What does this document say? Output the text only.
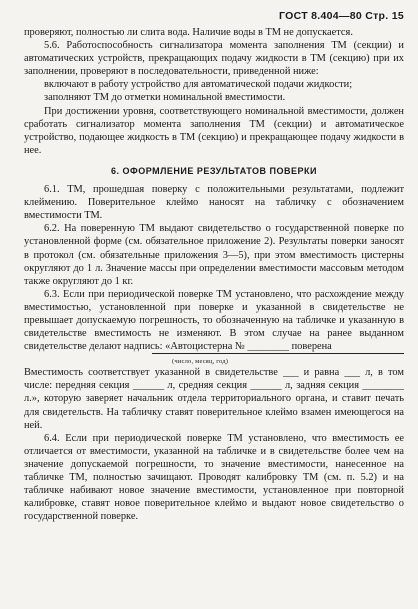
ГОСТ 8.404—80 Стр. 15

проверяют, полностью ли слита вода. Наличие воды в ТМ не допускается.

5.6. Работоспособность сигнализатора момента заполнения ТМ (секции) и автоматических устройств, прекращающих подачу жидкости в ТМ (секцию) при их заполнении, проверяют в последовательности, приведенной ниже:

включают в работу устройство для автоматической подачи жидкости;

заполняют ТМ до отметки номинальной вместимости.

При достижении уровня, соответствующего номинальной вместимости, должен сработать сигнализатор момента заполнения ТМ (секции) и автоматическое устройство, подающее жидкость в ТМ (секцию) и прекращающее подачу жидкости в нее.

6. ОФОРМЛЕНИЕ РЕЗУЛЬТАТОВ ПОВЕРКИ

6.1. ТМ, прошедшая поверку с положительными результатами, подлежит клеймению. Поверительное клеймо наносят на табличку с обозначением вместимости ТМ.

6.2. На поверенную ТМ выдают свидетельство о государственной поверке по установленной форме (см. обязательное приложение 2). Результаты поверки заносят в протокол (см. обязательные приложения 3—5), при этом вместимость цистерны округляют до 1 л. Значение массы при определении вместимости массовым методом также округляют до 1 кг.

6.3. Если при периодической поверке ТМ установлено, что расхождение между вместимостью, установленной при поверке и указанной в свидетельстве не превышает допускаемую погрешность, то обозначенную на табличке и указанную в свидетельстве вместимость не изменяют. В этом случае на ранее выданном свидетельстве делают надпись: «Автоцистерна № ________ поверена

(число, месяц, год)

Вместимость соответствует указанной в свидетельстве ___ и равна ___ л, в том числе: передняя секция ______ л, средняя секция ______ л, задняя секция ________ л.», которую заверяет начальник отдела территориального органа, и ставит печать для свидетельств. На табличку ставят поверительное клеймо взамен имеющегося на ней.

6.4. Если при периодической поверке ТМ установлено, что вместимость ее отличается от вместимости, указанной на табличке и в свидетельстве более чем на значение допускаемой погрешности, то значение вместимости, нанесенное на табличке ТМ, полностью зачищают. Проводят калибровку ТМ (см. п. 5.2) и на табличке набивают новое значение вместимости, установленное при повторной калибровке, ставят новое поверительное клеймо и выдают новое свидетельство о государственной поверке.
